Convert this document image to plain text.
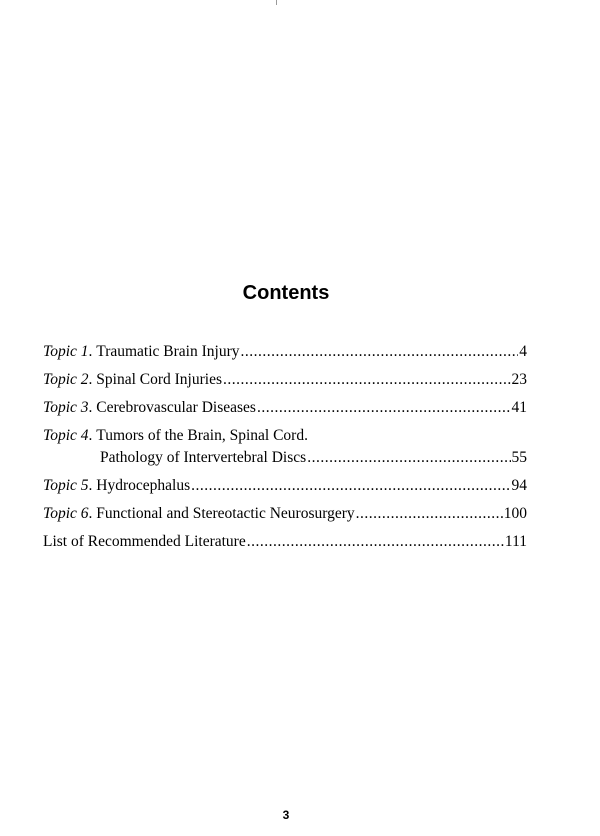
Contents
Topic 1. Traumatic Brain Injury .....	4
Topic 2. Spinal Cord Injuries .....	23
Topic 3. Cerebrovascular Diseases .....	41
Topic 4. Tumors of the Brain, Spinal Cord.
Pathology of Intervertebral Discs .....	55
Topic 5. Hydrocephalus .....	94
Topic 6. Functional and Stereotactic Neurosurgery .....	100
List of Recommended Literature .....	111
3
